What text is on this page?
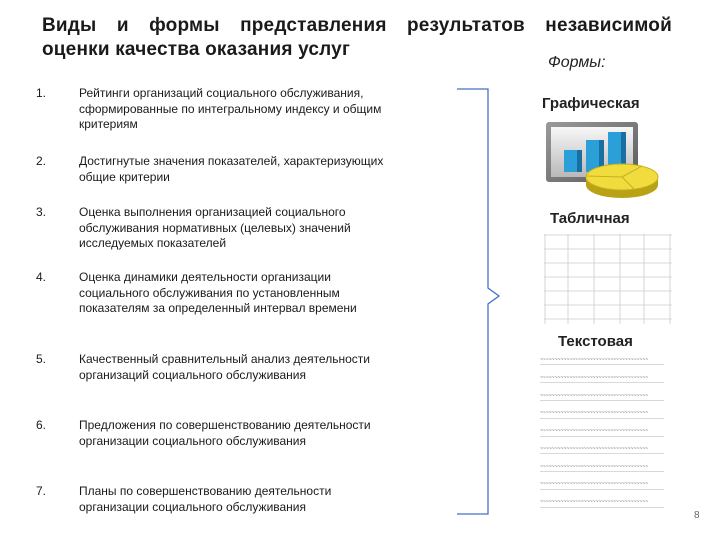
Виды и формы представления результатов независимой
оценки качества оказания услуг
Формы:
1.	Рейтинги организаций социального обслуживания, сформированные по интегральному индексу и общим критериям
2.	Достигнутые значения показателей, характеризующих общие критерии
3.	Оценка выполнения организацией социального обслуживания нормативных (целевых) значений исследуемых показателей
4.	Оценка динамики деятельности организации социального обслуживания по установленным показателям за определенный интервал времени
5.	Качественный сравнительный анализ деятельности организаций социального обслуживания
6.	Предложения по совершенствованию деятельности организации социального обслуживания
7.	Планы по совершенствованию деятельности организации социального обслуживания
Графическая
Табличная
Текстовая
~~~~~~~~~~~~~~~~~~~~~~~~~~~~~~~~~~~~~
~~~~~~~~~~~~~~~~~~~~~~~~~~~~~~~~~~~~~
~~~~~~~~~~~~~~~~~~~~~~~~~~~~~~~~~~~~~
~~~~~~~~~~~~~~~~~~~~~~~~~~~~~~~~~~~~~
~~~~~~~~~~~~~~~~~~~~~~~~~~~~~~~~~~~~~
~~~~~~~~~~~~~~~~~~~~~~~~~~~~~~~~~~~~~
~~~~~~~~~~~~~~~~~~~~~~~~~~~~~~~~~~~~~
~~~~~~~~~~~~~~~~~~~~~~~~~~~~~~~~~~~~~
~~~~~~~~~~~~~~~~~~~~~~~~~~~~~~~~~~~~~
8
